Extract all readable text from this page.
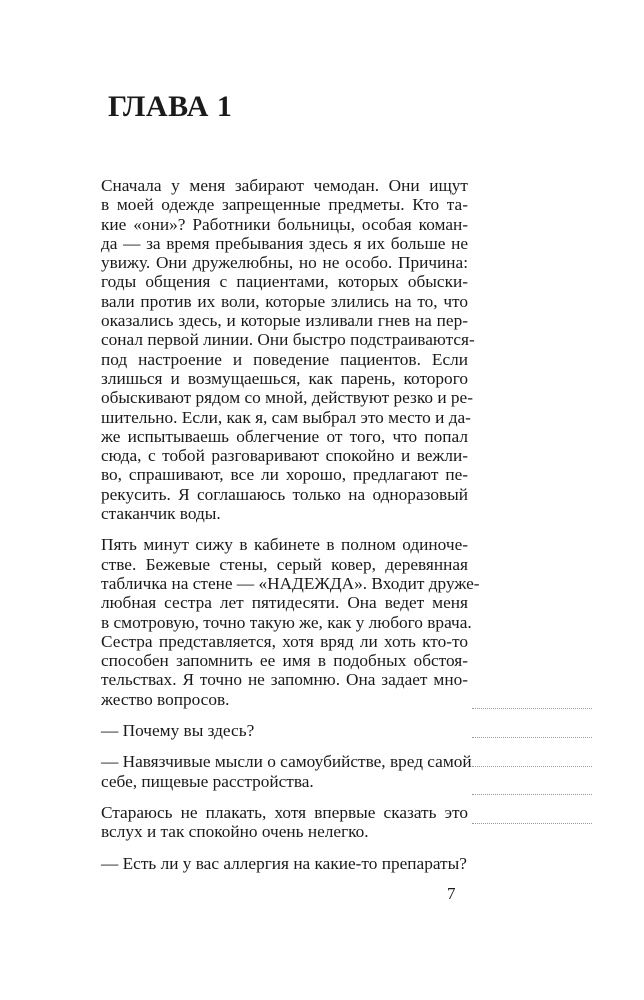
ГЛАВА 1
Сначала у меня забирают чемодан. Они ищут
в моей одежде запрещенные предметы. Кто та-
кие «они»? Работники больницы, особая коман-
да — за время пребывания здесь я их больше не
увижу. Они дружелюбны, но не особо. Причина:
годы общения с пациентами, которых обыски-
вали против их воли, которые злились на то, что
оказались здесь, и которые изливали гнев на пер-
сонал первой линии. Они быстро подстраиваются-
под настроение и поведение пациентов. Если
злишься и возмущаешься, как парень, которого
обыскивают рядом со мной, действуют резко и ре-
шительно. Если, как я, сам выбрал это место и да-
же испытываешь облегчение от того, что попал
сюда, с тобой разговаривают спокойно и вежли-
во, спрашивают, все ли хорошо, предлагают пе-
рекусить. Я соглашаюсь только на одноразовый
стаканчик воды.
Пять минут сижу в кабинете в полном одиноче-
стве. Бежевые стены, серый ковер, деревянная
табличка на стене — «НАДЕЖДА». Входит друже-
любная сестра лет пятидесяти. Она ведет меня
в смотровую, точно такую же, как у любого врача.
Сестра представляется, хотя вряд ли хоть кто-то
способен запомнить ее имя в подобных обстоя-
тельствах. Я точно не запомню. Она задает мно-
жество вопросов.
— Почему вы здесь?
— Навязчивые мысли о самоубийстве, вред самой
себе, пищевые расстройства.
Стараюсь не плакать, хотя впервые сказать это
вслух и так спокойно очень нелегко.
— Есть ли у вас аллергия на какие-то препараты?
7
